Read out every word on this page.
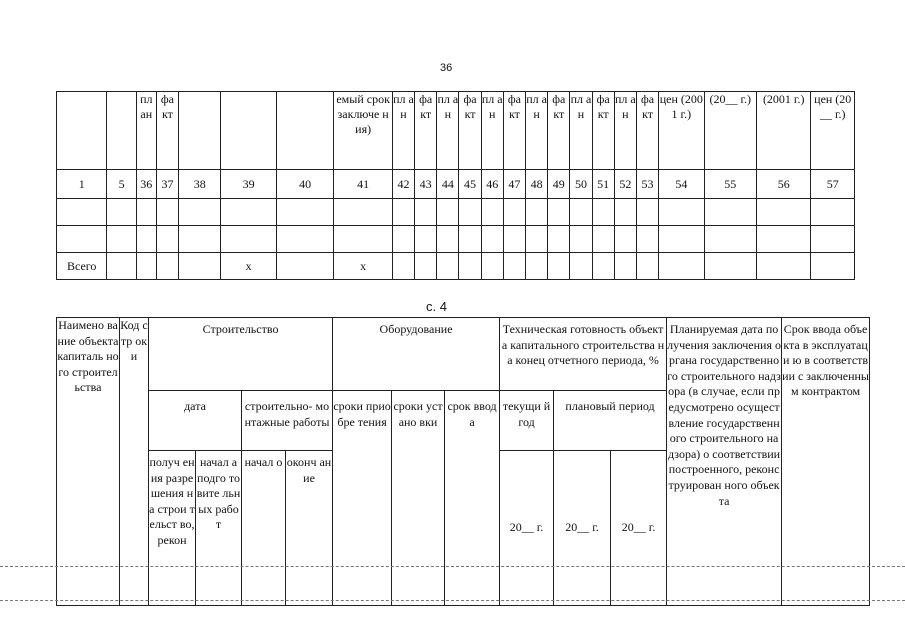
36
		пл ан	фа кт				емый срок заключе ния)	пл ан	фа кт	пл ан	фа кт	пл ан	фа кт	пл ан	фа кт	пл ан	фа кт	пл ан	фа кт	цен (200 1 г.)	(20__ г.)	(2001 г.)	цен (20__ г.)
1	5	36	37	38	39	40	41	42	43	44	45	46	47	48	49	50	51	52	53	54	55	56	57

Всего					х		х																
с. 4
Наимено вание объекта капиталь ного строител ьства	Код стр оки	Строительство				Оборудование			Техническая готовность объекта капитального строительства на конец отчетного периода, %			Планируемая дата получения заключения органа государственного строительного надзора (в случае, если предусмотрено осуществление государственного строительного надзора) о соответствии построенного, реконструирован ного объекта	Срок ввода объекта в эксплуатаци ю в соответствии с заключенны м контрактом
		дата		строительно- монтажные работы		сроки приобре тения	сроки устано вки	срок ввода	текущи й год	плановый период			
		получ ения разре шения на строи тельст во, рекон	начал а подго товите льных работ	начал о	оконч ание				20__ г.	20__ г.	20__ г.		
